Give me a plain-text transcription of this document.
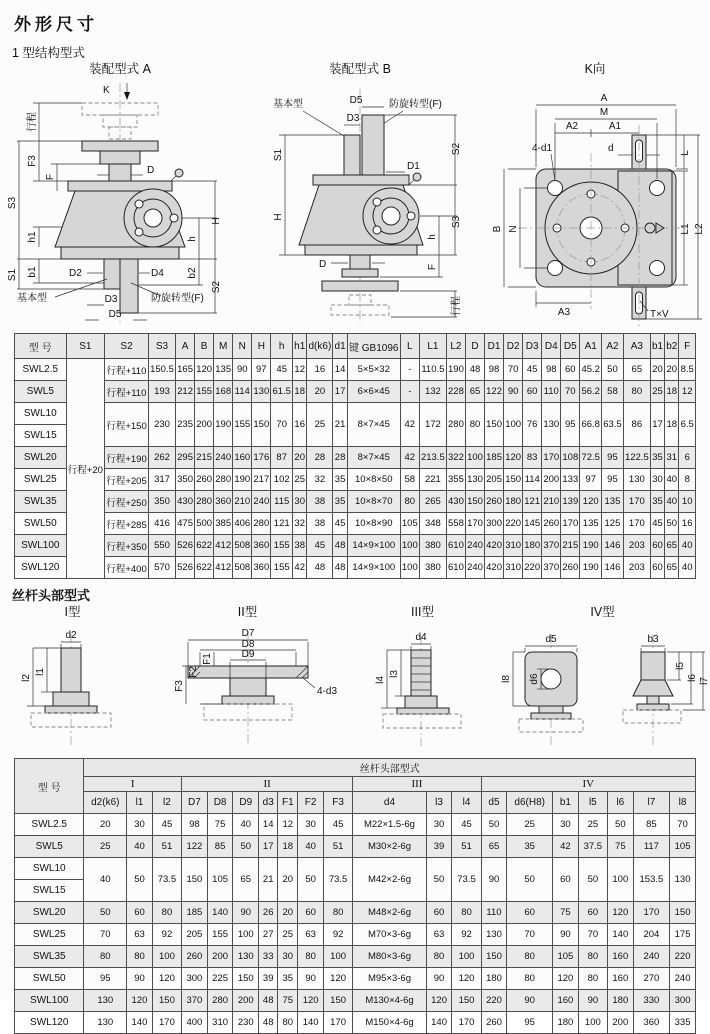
外形尺寸
1 型结构型式
装配型式 A
K
行程
F3
S3
F
h1
S1 b1
D
D2	D4
D3
D5
H
h
b2
S2
基本型	防旋转型(F)
装配型式 B
基本型	防旋转型(F)
D5
D3
S1
D1
S2
H
h
S3
D	F
行程
K向
A
M
A2	A1
4-d1	d	L
B N	L1 L2
A3	T×V
型 号	S1	S2	S3	A	B	M	N	H	h	h1	d(k6)	d1	键 GB1096	L	L1	L2	D	D1	D2	D3	D4	D5	A1	A2	A3	b1	b2	F
SWL2.5	行程+20	行程+110	150.5	165	120	135	90	97	45	12	16	14	5×5×32	-	110.5	190	48	98	70	45	98	60	45.2	50	65	20	20	8.5
SWL5		行程+110	193	212	155	168	114	130	61.5	18	20	17	6×6×45	-	132	228	65	122	90	60	110	70	56.2	58	80	25	18	12
SWL10		行程+150	230	235	200	190	155	150	70	16	25	21	8×7×45	42	172	280	80	150	100	76	130	95	66.8	63.5	86	17	18	6.5
SWL15																												
SWL20		行程+190	262	295	215	240	160	176	87	20	28	28	8×7×45	42	213.5	322	100	185	120	83	170	108	72.5	95	122.5	35	31	6
SWL25		行程+205	317	350	260	280	190	217	102	25	32	35	10×8×50	58	221	355	130	205	150	114	200	133	97	95	130	30	40	8
SWL35		行程+250	350	430	280	360	210	240	115	30	38	35	10×8×70	80	265	430	150	260	180	121	210	139	120	135	170	35	40	10
SWL50		行程+285	416	475	500	385	406	280	121	32	38	45	10×8×90	105	348	558	170	300	220	145	260	170	135	125	170	45	50	16
SWL100		行程+350	550	526	622	412	508	360	155	38	45	48	14×9×100	100	380	610	240	420	310	180	370	215	190	146	203	60	65	40
SWL120		行程+400	570	526	622	412	508	360	155	42	48	48	14×9×100	100	380	610	240	420	310	220	370	260	190	146	203	60	65	40
丝杆头部型式
I型
d2
l2
l1
II型
D7
D8
D9
F1
F2
F3	4-d3
III型
d4
l4
l3
IV型
d5
d6
l8
b3
l5
l6 l7
型 号	丝杆头部型式																			
	I			II							III			IV						
	d2(k6)	l1	l2	D7	D8	D9	d3	F1	F2	F3	d4	l3	l4	d5	d6(H8)	b1	l5	l6	l7	l8
SWL2.5	20	30	45	98	75	40	14	12	30	45	M22×1.5-6g	30	45	50	25	30	25	50	85	70
SWL5	25	40	51	122	85	50	17	18	40	51	M30×2-6g	39	51	65	35	42	37.5	75	117	105
SWL10	40	50	73.5	150	105	65	21	20	50	73.5	M42×2-6g	50	73.5	90	50	60	50	100	153.5	130
SWL15																				
SWL20	50	60	80	185	140	90	26	20	60	80	M48×2-6g	60	80	110	60	75	60	120	170	150
SWL25	70	63	92	205	155	100	27	25	63	92	M70×3-6g	63	92	130	70	90	70	140	204	175
SWL35	80	80	100	260	200	130	33	30	80	100	M80×3-6g	80	100	150	80	105	80	160	240	220
SWL50	95	90	120	300	225	150	39	35	90	120	M95×3-6g	90	120	180	80	120	80	160	270	240
SWL100	130	120	150	370	280	200	48	75	120	150	M130×4-6g	120	150	220	90	160	90	180	330	300
SWL120	130	140	170	400	310	230	48	80	140	170	M150×4-6g	140	170	260	95	180	100	200	360	335
